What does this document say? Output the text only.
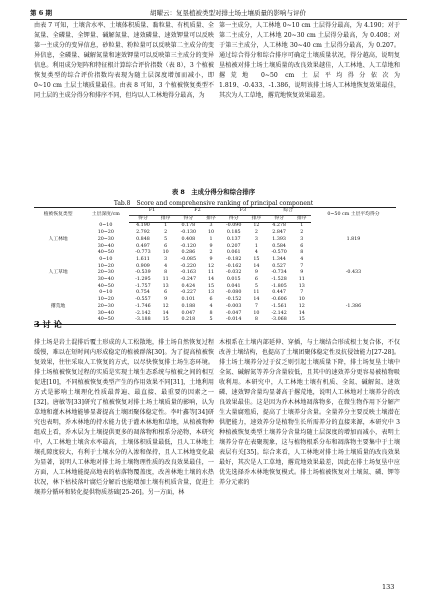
第 6 期	胡曜云：复垦植被类型对排土场土壤质量的影响与评价

由表 7 可知，土壤含水率、土壤体积质量、黏粒量、有机质量、全氮量、全磷量、全钾量、碱解氮量、速效磷量、速效钾量可以反映第一主成分的变异信息，砂粒量、粉粒量可以反映第二主成分的变异信息，全磷量、碱解氮量和速效钾量可以反映第三主成分的变异信息。利用成分矩阵和特征根计算综合评价指数（表 8），3 个植被恢复类型的综合评价指数均表现为随土层深度增加而减小，即 0~10 cm 土层土壤质量最佳。由表 8 可知，3 个植被恢复类型不同土层的主成分得分和排序不同，但均以人工林地得分最高，为

第一主成分，人工林地 0~10 cm 土层得分最高，为 4.190；对于第二主成分，人工林地 20~30 cm 土层得分最高，为 0.408；对于第三主成分，人工林地 30~40 cm 土层得分最高，为 0.207。通过综合得分和综合排序可确定土壤质量状况，得分越高，说明复垦植被对排土场土壤质量的改良效果越佳，人工林地、人工草地和撂荒地 0~50 cm 土层平均得分依次为 1.819、-0.433、-1.386，说明该排土场人工林地恢复效果最佳，其次为人工草地，撂荒地恢复效果最差。

表 8　主成分得分和综合排序
Tab.8　Score and comprehensive ranking of principal component
植被恢复类型	土层深度/cm	F1		F2		F3		综合		0~50 cm 土层平均得分
		得分	排序	得分	排序	得分	排序	得分	排序	
	0~10	4.190	1	0.178	3	-0.090	12	4.278	1	
	10~20	2.792	2	-0.130	10	0.185	2	2.847	2	
人工林地	20~30	0.848	5	0.408	1	0.137	3	1.393	3	1.819
	30~40	0.497	6	-0.120	9	0.207	1	0.584	6	
	40~50	-0.773	10	0.286	2	0.061	4	-0.570	8	
	0~10	1.611	3	-0.085	9	-0.182	15	1.344	4	
	10~20	0.909	4	-0.220	12	-0.162	14	0.527	7	
人工草地	20~30	-0.539	8	-0.163	11	-0.032	9	-0.734	9	-0.433
	30~40	-1.295	11	-0.247	14	0.015	6	-1.528	11	
	40~50	-1.757	13	0.424	15	0.041	5	-1.805	13	
	0~10	0.754	6	-0.227	13	-0.080	11	0.447	7	
	10~20	-0.557	9	0.101	6	-0.152	14	-0.606	10	
撂荒地	20~30	-1.746	12	0.188	4	-0.003	7	-1.561	12	-1.386
	30~40	-2.142	14	0.047	8	-0.047	10	-2.142	14	
	40~50	-3.188	15	0.218	5	-0.014	8	-3.068	15	
3 讨 论

排土场是岩土混排后覆土形成的人工松散地，排土场自然恢复过程缓慢，难以在短时间内形成稳定的植被群落[30]。为了提高植被恢复效果，往往采取人工恢复的方式，以尽快恢复排土场生态环境。排土场植被恢复过程的实质是实现土壤生态系统与植被之间的相互促进[10]，不同植被恢复类型产生的作用效果不同[31]，土地利用方式是影响土壤理化性质最普遍、最直接、最重要的因素之一[32]。唐敏等[33]研究了植被恢复对排土场土壤质量的影响，认为草地和灌木林地能够显著提高土壤团聚体稳定性。李叶鑫等[34]研究也表明，乔木林地的持水能力优于灌木林地和草地，从植被物种组成上看，乔木层为土壤提供更多的凋落物和根系分泌物，本研究中，人工林地土壤含水率最高，土壤体积质量最低，且人工林地土壤孔隙度较大，有利于土壤水分的入渗和保持，且人工林地变化最为显著，说明人工林地对排土场土壤物理性质的改良效果最佳，一方面，人工林地能提高地表的枯落物覆盖度，改善林地土壤的水热状况，林下枯枝落叶腐烂分解后也能增加土壤有机质含量，促进土壤养分循环和转化提供物质基础[25-26]。另一方面，林

木根系在土壤内部延伸、穿插，与土壤结合形成根土复合体，不仅改善土壤结构，也提高了土壤团聚体稳定性及抗侵蚀能力[27-28]。排土场土壤养分过于贫乏则引起土壤质量下降，排土场复垦土壤中全氮、碱解氮等养分含量较低，且其中的速效养分更容易被植物吸收利用。本研究中，人工林地土壤有机质、全氮、碱解氮、速效磷、速效钾含量均显著高于撂荒地，说明人工林地对土壤养分的改良效果最佳。这是因为乔木林地凋落物多，在微生物作用下分解产生大量腐殖质，提高了土壤养分含量。全量养分主要反映土壤潜在供肥能力，速效养分是植物生长所需养分的直接来源，本研究中 3 种植被恢复类型土壤养分含量均随土层深度的增加而减小，表明土壤养分存在表聚现象，这与植物根系分布和凋落物主要集中于土壤表层有关[35]。综合来看，人工林地对排土场土壤质量的改良效果最好，其次是人工草地，撂荒地效果最差，因此在排土场复垦中应优先选择乔木林地恢复模式。排土场植被恢复对土壤氮、磷、钾等养分元素的

133
